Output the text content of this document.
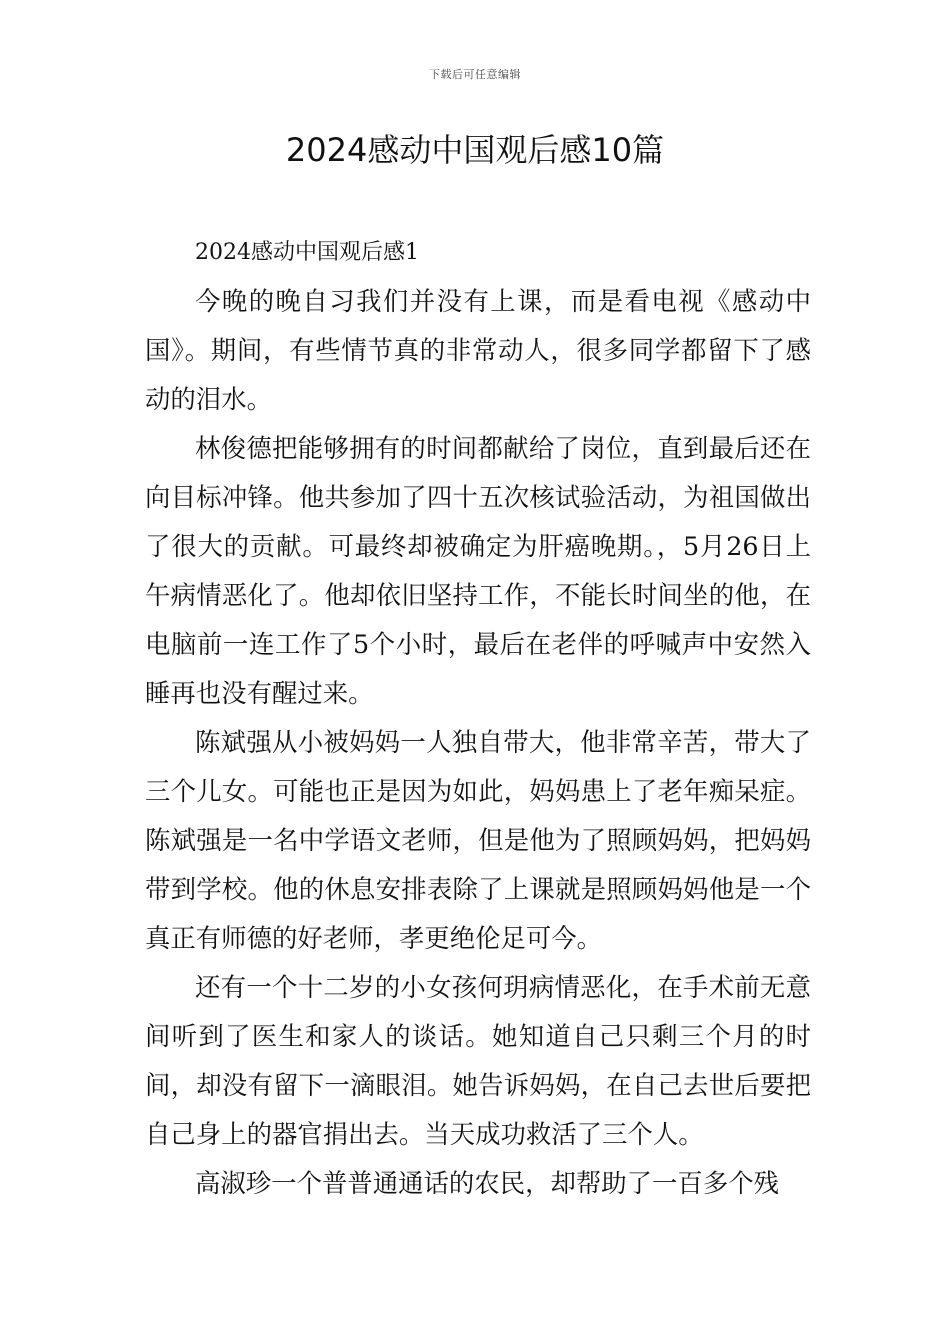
下载后可任意编辑
2024感动中国观后感10篇

2024感动中国观后感1

今晚的晚自习我们并没有上课，而是看电视《感动中国》。期间，有些情节真的非常动人，很多同学都留下了感动的泪水。

林俊德把能够拥有的时间都献给了岗位，直到最后还在向目标冲锋。他共参加了四十五次核试验活动，为祖国做出了很大的贡献。可最终却被确定为肝癌晚期。，5月26日上午病情恶化了。他却依旧坚持工作，不能长时间坐的他，在电脑前一连工作了5个小时，最后在老伴的呼喊声中安然入睡再也没有醒过来。

陈斌强从小被妈妈一人独自带大，他非常辛苦，带大了三个儿女。可能也正是因为如此，妈妈患上了老年痴呆症。陈斌强是一名中学语文老师，但是他为了照顾妈妈，把妈妈带到学校。他的休息安排表除了上课就是照顾妈妈他是一个真正有师德的好老师，孝更绝伦足可今。

还有一个十二岁的小女孩何玥病情恶化，在手术前无意间听到了医生和家人的谈话。她知道自己只剩三个月的时间，却没有留下一滴眼泪。她告诉妈妈，在自己去世后要把自己身上的器官捐出去。当天成功救活了三个人。

高淑珍一个普普通通话的农民，却帮助了一百多个残
